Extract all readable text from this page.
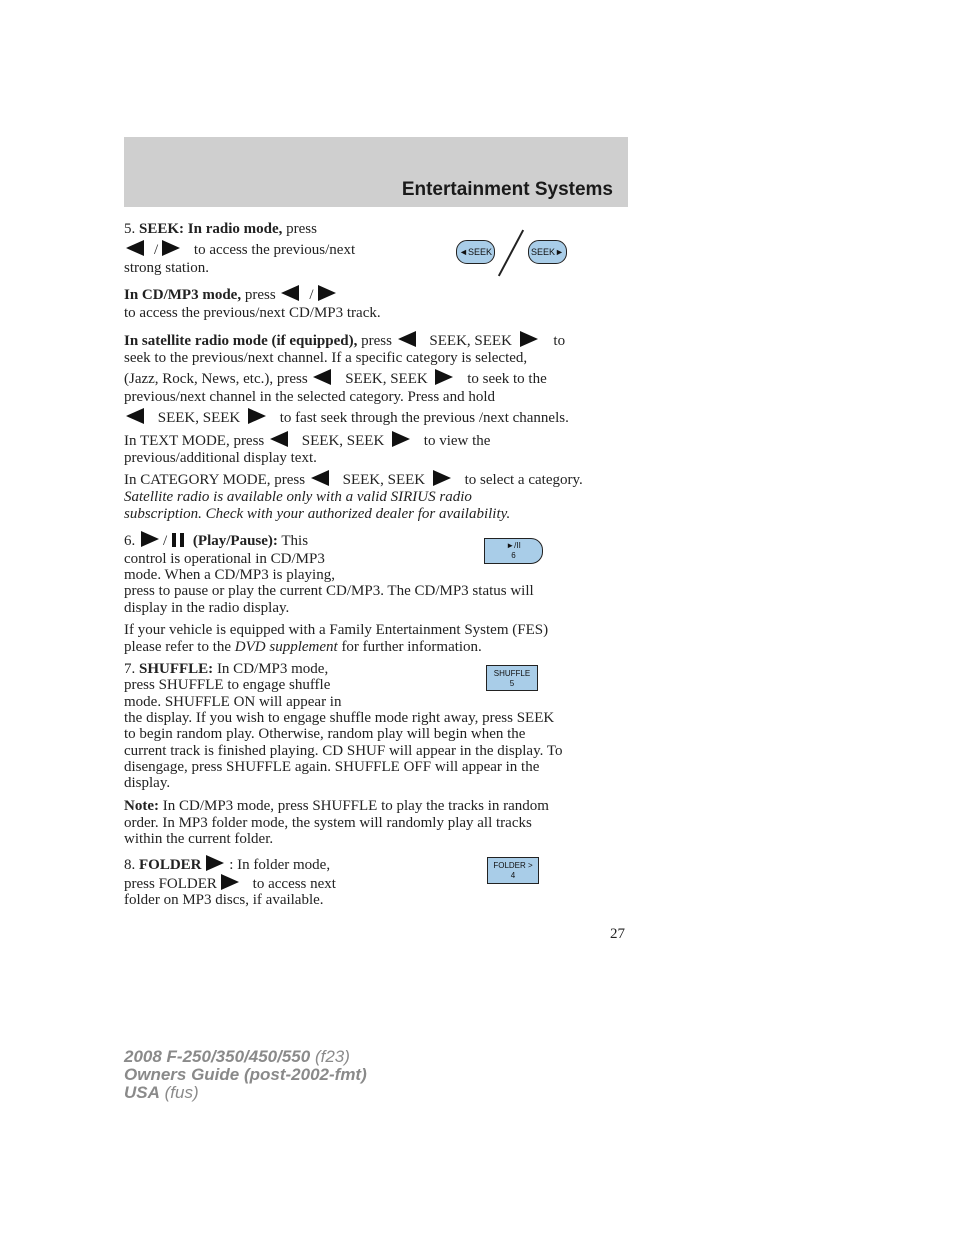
Entertainment Systems
5. SEEK: In radio mode, press
/ to access the previous/next
strong station.
◄SEEK	SEEK►
In CD/MP3 mode, press /
to access the previous/next CD/MP3 track.
In satellite radio mode (if equipped), press	SEEK, SEEK	to
seek to the previous/next channel. If a specific category is selected,
(Jazz, Rock, News, etc.), press	SEEK, SEEK	to seek to the
previous/next channel in the selected category. Press and hold
SEEK, SEEK	to fast seek through the previous /next channels.
In TEXT MODE, press	SEEK, SEEK	to view the
previous/additional display text.
In CATEGORY MODE, press	SEEK, SEEK	to select a category.
Satellite radio is available only with a valid SIRIUS radio
subscription. Check with your authorized dealer for availability.
6. / (Play/Pause): This
control is operational in CD/MP3
mode. When a CD/MP3 is playing,
press to pause or play the current CD/MP3. The CD/MP3 status will
display in the radio display.
►/II
6
If your vehicle is equipped with a Family Entertainment System (FES)
please refer to the DVD supplement for further information.
7. SHUFFLE: In CD/MP3 mode,
press SHUFFLE to engage shuffle
mode. SHUFFLE ON will appear in
the display. If you wish to engage shuffle mode right away, press SEEK
to begin random play. Otherwise, random play will begin when the
current track is finished playing. CD SHUF will appear in the display. To
disengage, press SHUFFLE again. SHUFFLE OFF will appear in the
display.
SHUFFLE
5
Note: In CD/MP3 mode, press SHUFFLE to play the tracks in random
order. In MP3 folder mode, the system will randomly play all tracks
within the current folder.
8. FOLDER : In folder mode,
press FOLDER to access next
folder on MP3 discs, if available.
FOLDER >
4
27
2008 F-250/350/450/550 (f23)
Owners Guide (post-2002-fmt)
USA (fus)
